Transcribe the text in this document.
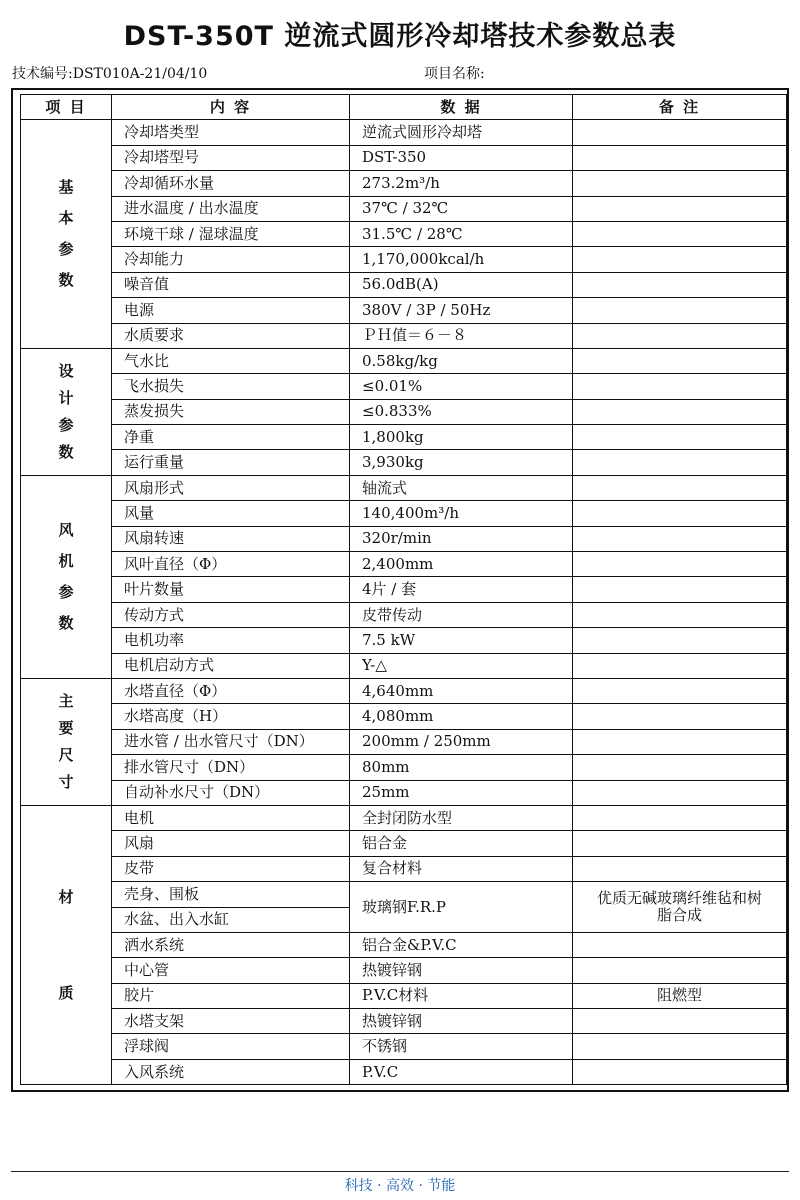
DST-350T 逆流式圆形冷却塔技术参数总表
技术编号:DST010A-21/04/10	项目名称:
项 目	内 容	数 据	备 注

基
本
参
数	冷却塔类型	逆流式圆形冷却塔	
	冷却塔型号	DST-350	
	冷却循环水量	273.2m³/h	
	进水温度 / 出水温度	37℃ / 32℃	
	环境干球 / 湿球温度	31.5℃ / 28℃	
	冷却能力	1,170,000kcal/h	
	噪音值	56.0dB(A)	
	电源	380V / 3P / 50Hz	
	水质要求	ＰＨ值＝６－８	

设
计
参
数	气水比	0.58kg/kg	
	飞水损失	≤0.01%	
	蒸发损失	≤0.833%	
	净重	1,800kg	
	运行重量	3,930kg	

风
机
参
数	风扇形式	轴流式	
	风量	140,400m³/h	
	风扇转速	320r/min	
	风叶直径（Φ）	2,400mm	
	叶片数量	4片 / 套	
	传动方式	皮带传动	
	电机功率	7.5 kW	
	电机启动方式	Y-△	

主
要
尺
寸	水塔直径（Φ）	4,640mm	
	水塔高度（H）	4,080mm	
	进水管 / 出水管尺寸（DN）	200mm / 250mm	
	排水管尺寸（DN）	80mm	
	自动补水尺寸（DN）	25mm	

材
质	电机	全封闭防水型	
	风扇	铝合金	
	皮带	复合材料	
	壳身、围板	玻璃钢F.R.P	优质无碱玻璃纤维毡和树脂合成
	水盆、出入水缸		
	洒水系统	铝合金&P.V.C	
	中心管	热镀锌钢	
	胶片	P.V.C材料	阻燃型
	水塔支架	热镀锌钢	
	浮球阀	不锈钢	
	入风系统	P.V.C	
科技 · 高效 · 节能
